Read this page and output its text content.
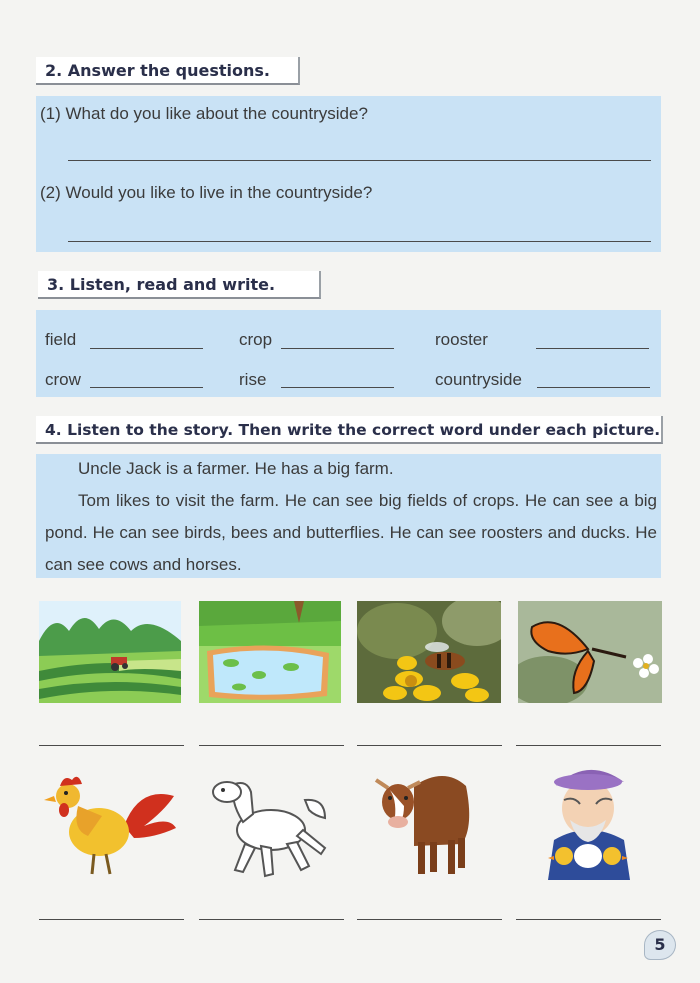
2. Answer the questions.
(1) What do you like about the countryside?
(2) Would you like to live in the countryside?
3. Listen, read and write.
field	crop	rooster
crow	rise	countryside
4. Listen to the story. Then write the correct word under each picture.

Uncle Jack is a farmer. He has a big farm.

Tom likes to visit the farm. He can see big fields of crops. He can see a big pond. He can see birds, bees and butterflies. He can see roosters and ducks. He can see cows and horses.

5
